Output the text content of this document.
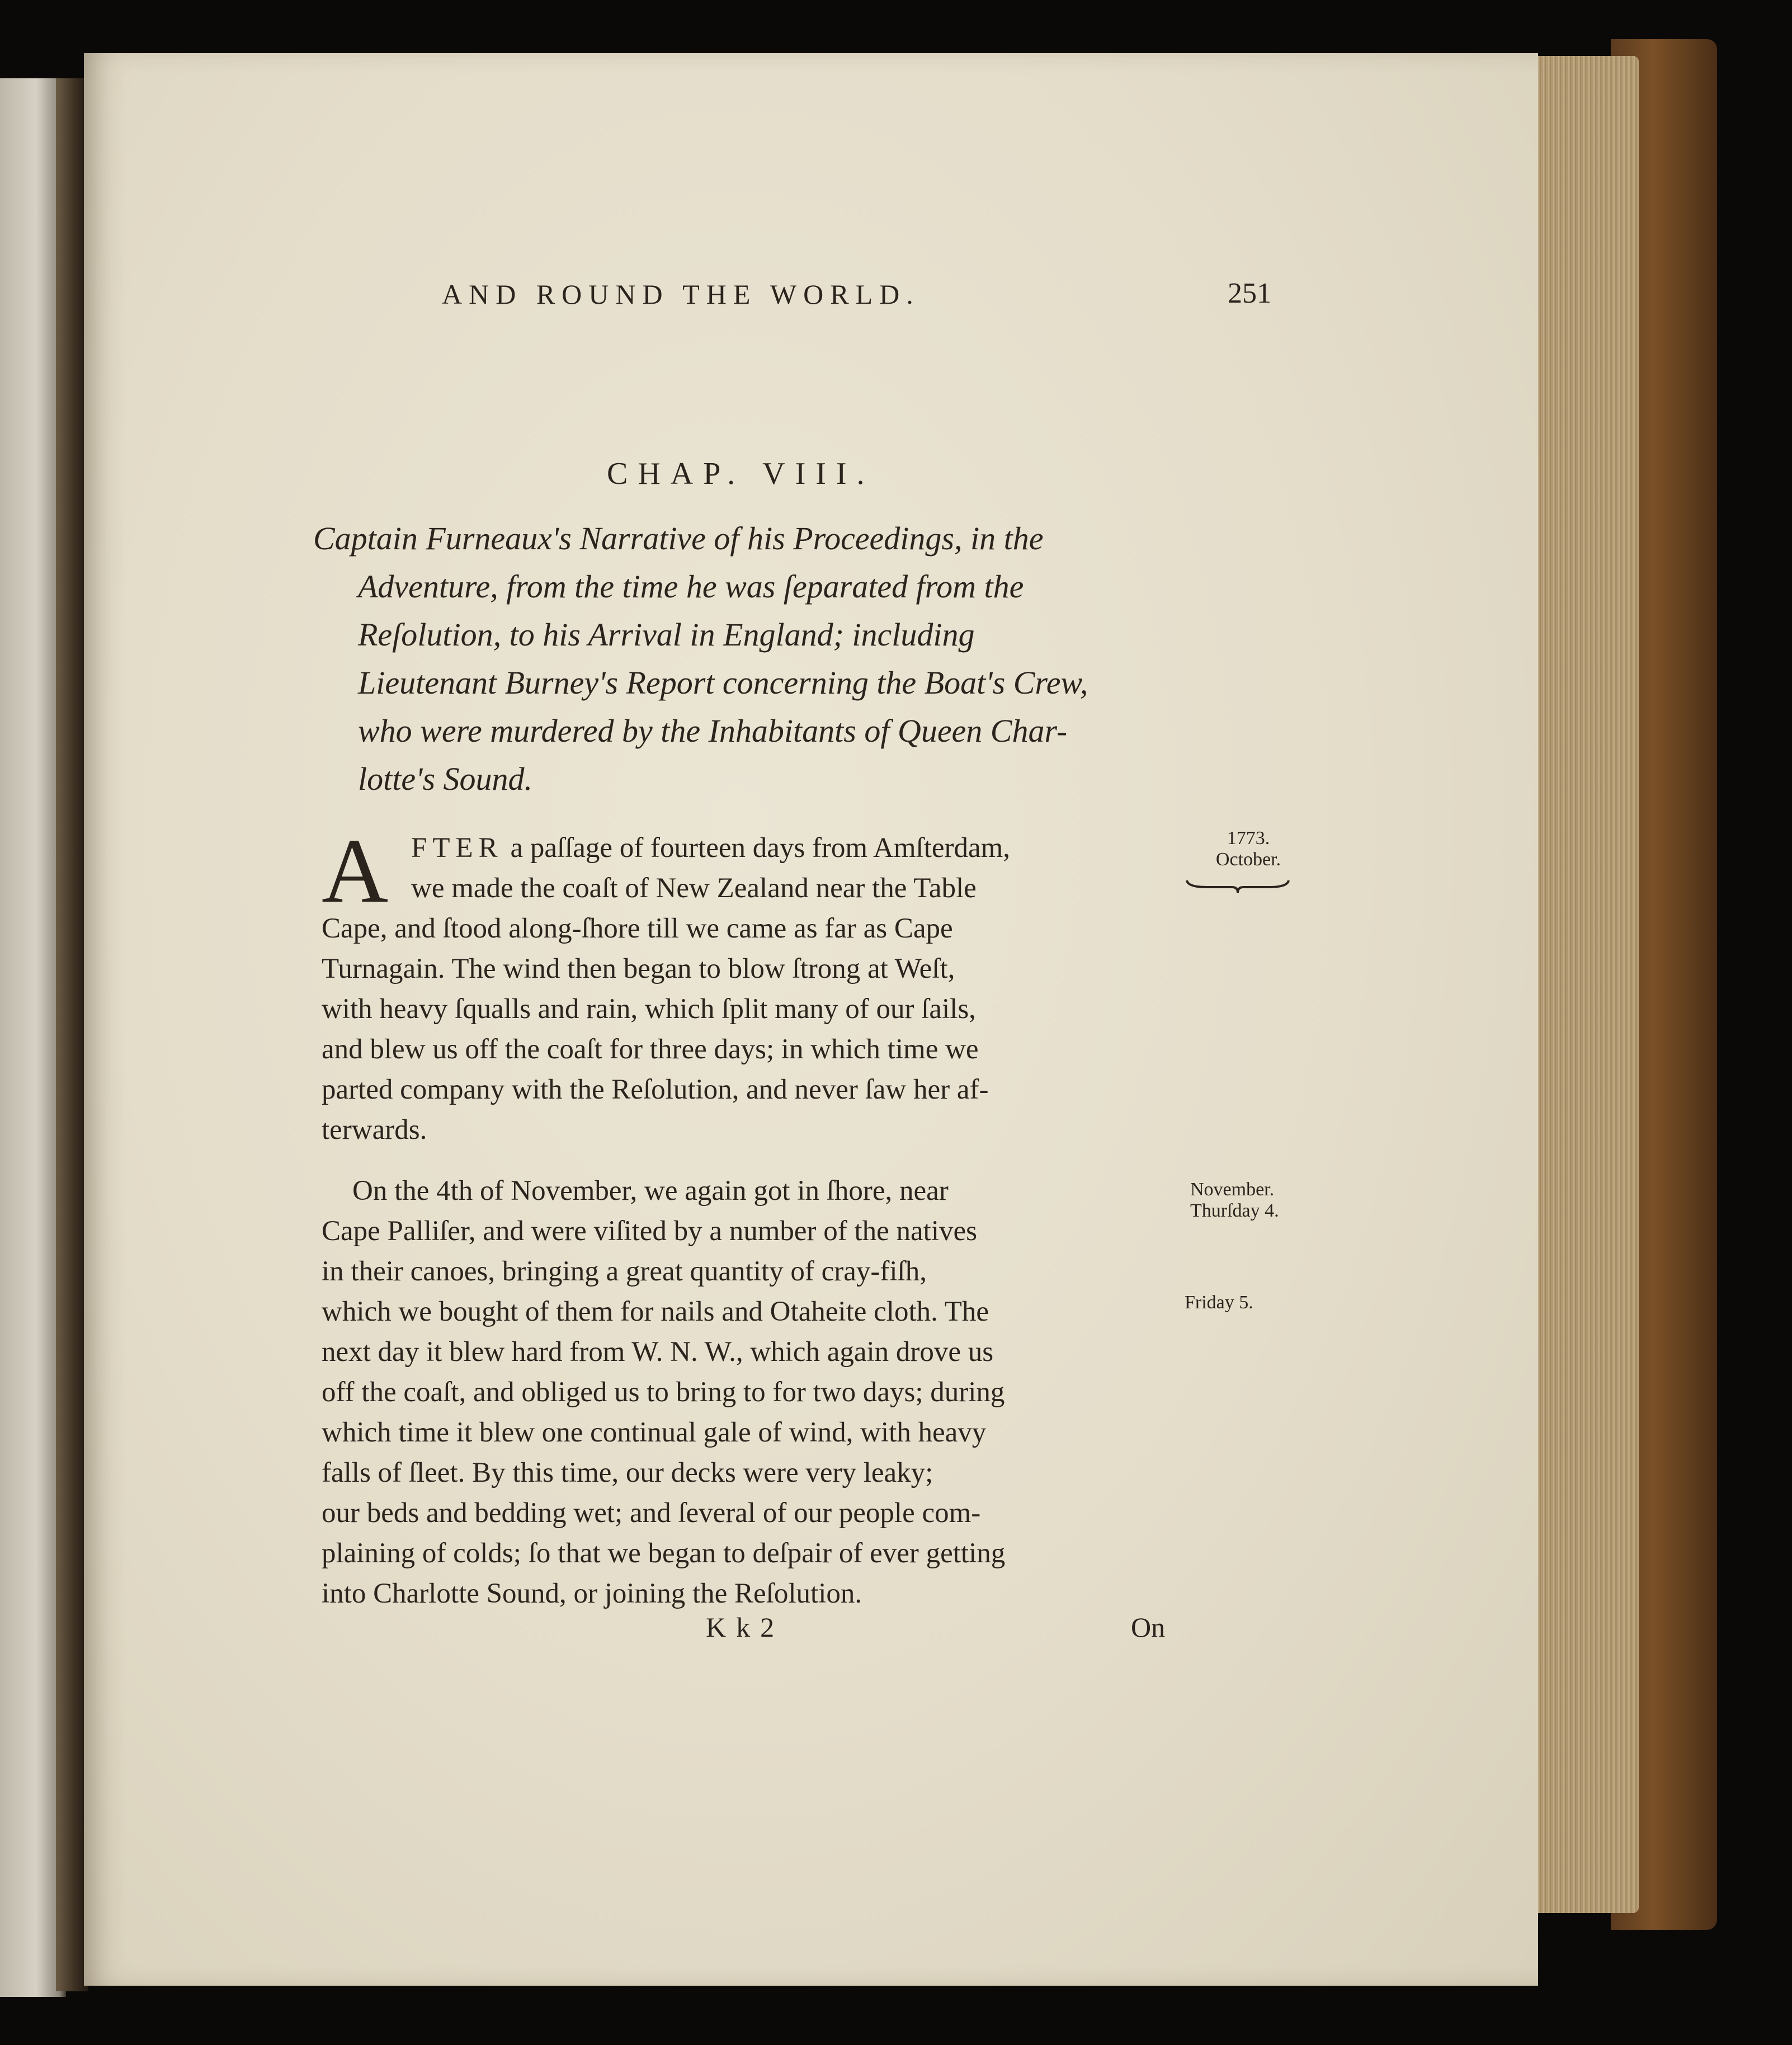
AND ROUND THE WORLD.	251
CHAP. VIII.
Captain Furneaux's Narrative of his Proceedings, in the
Adventure, from the time he was ſeparated from the
Reſolution, to his Arrival in England; including
Lieutenant Burney's Report concerning the Boat's Crew,
who were murdered by the Inhabitants of Queen Char-
lotte's Sound.
A FTER a paſſage of fourteen days from Amſterdam,
we made the coaſt of New Zealand near the Table
Cape, and ſtood along-ſhore till we came as far as Cape
Turnagain. The wind then began to blow ſtrong at Weſt,
with heavy ſqualls and rain, which ſplit many of our ſails,
and blew us off the coaſt for three days; in which time we
parted company with the Reſolution, and never ſaw her af-
terwards.
On the 4th of November, we again got in ſhore, near
Cape Palliſer, and were viſited by a number of the natives
in their canoes, bringing a great quantity of cray-fiſh,
which we bought of them for nails and Otaheite cloth. The
next day it blew hard from W. N. W., which again drove us
off the coaſt, and obliged us to bring to for two days; during
which time it blew one continual gale of wind, with heavy
falls of ſleet. By this time, our decks were very leaky;
our beds and bedding wet; and ſeveral of our people com-
plaining of colds; ſo that we began to deſpair of ever getting
into Charlotte Sound, or joining the Reſolution.
1773.
October.
November.
Thurſday 4.
Friday 5.
Kk2	On
